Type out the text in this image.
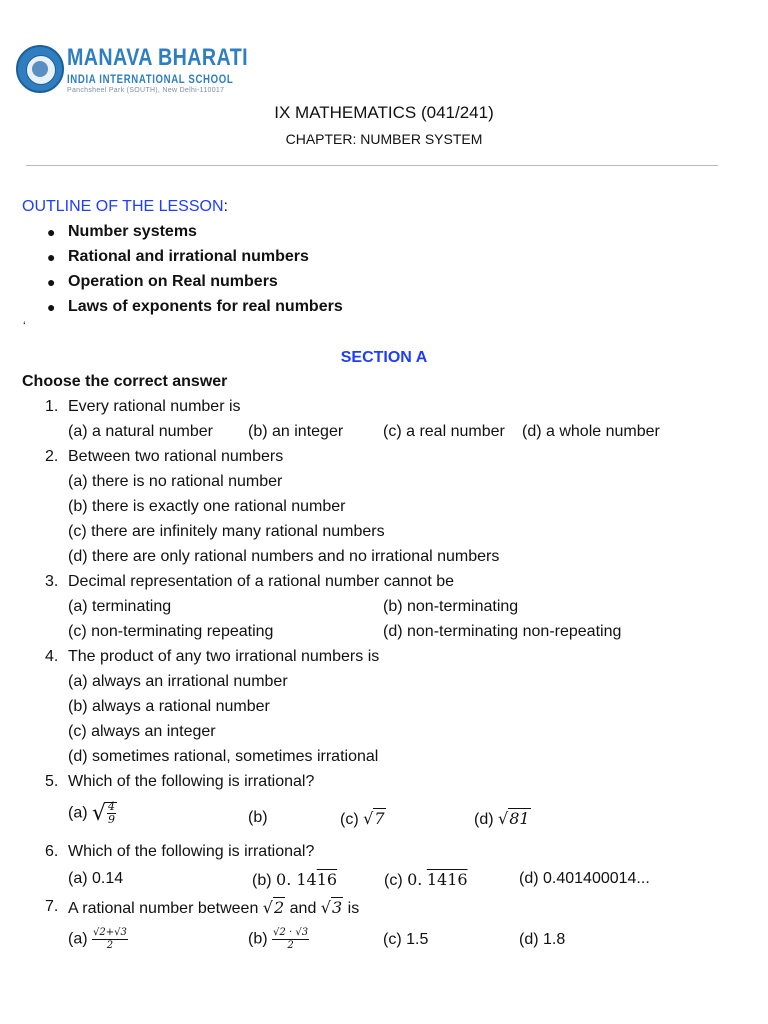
MANAVA BHARATI
INDIA INTERNATIONAL SCHOOL
Panchsheel Park (SOUTH), New Delhi-110017
IX MATHEMATICS (041/241)
CHAPTER: NUMBER SYSTEM
OUTLINE OF THE LESSON:
● Number systems
● Rational and irrational numbers
● Operation on Real numbers
● Laws of exponents for real numbers
‘
SECTION A
Choose the correct answer
1. Every rational number is
(a) a natural number (b) an integer (c) a real number (d) a whole number
2. Between two rational numbers
(a) there is no rational number
(b) there is exactly one rational number
(c) there are infinitely many rational numbers
(d) there are only rational numbers and no irrational numbers
3. Decimal representation of a rational number cannot be
(a) terminating	(b) non-terminating
(c) non-terminating repeating	(d) non-terminating non-repeating
4. The product of any two irrational numbers is
(a) always an irrational number
(b) always a rational number
(c) always an integer
(d) sometimes rational, sometimes irrational
5. Which of the following is irrational?
(a) √ $\frac{4}{9}$	(b)	(c) √7	(d) √81
6. Which of the following is irrational?
(a) 0.14	(b) 0. 1416	(c) 0. 1416	(d) 0.401400014...
7. A rational number between √2 and √3 is
$(a) \frac{√2+√3}{2}$	$(b) \frac{√2 \cdot √3}{2}$	(c) 1.5	(d) 1.8
